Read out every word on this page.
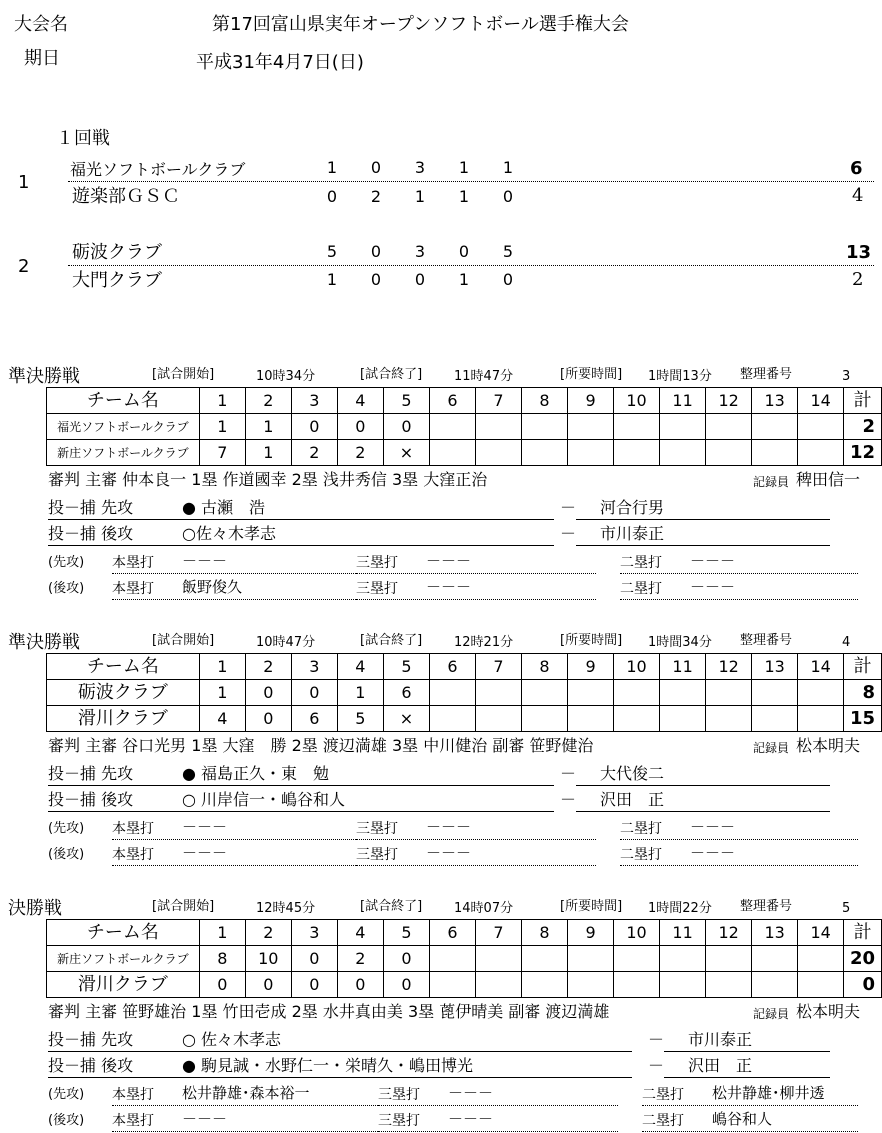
大会名	第17回富山県実年オープンソフトボール選手権大会
期日	平成31年4月7日(日)
１回戦
1
福光ソフトボールクラブ	1 0 3 1 1	6
遊楽部ＧＳＣ	0 2 1 1 0	4
2
砺波クラブ	5 0 3 0 5	13
大門クラブ	1 0 0 1 0	2
準決勝戦	[試合開始]	10時34分	[試合終了] 11時47分	[所要時間] 1時間13分 整理番号	3
チーム名	1	2	3	4	5	6	7	8	9	10	11	12	13	14	計
福光ソフトボールクラブ	1	1	0	0	0										2
新庄ソフトボールクラブ	7	1	2	2	×										12
審判 主審 仲本良一 1塁 作道國幸 2塁 浅井秀信 3塁 大窪正治	記録員 稗田信一
投－捕 先攻	● 古瀬　浩	－ 河合行男
投－捕 後攻	○佐々木孝志	－ 市川泰正
(先攻) 本塁打 －－－	三塁打 －－－	二塁打 －－－
(後攻) 本塁打 飯野俊久	三塁打 －－－	二塁打 －－－
準決勝戦	[試合開始]	10時47分	[試合終了] 12時21分	[所要時間] 1時間34分 整理番号	4
チーム名	1	2	3	4	5	6	7	8	9	10	11	12	13	14	計
砺波クラブ	1	0	0	1	6										8
滑川クラブ	4	0	6	5	×										15
審判 主審 谷口光男 1塁 大窪　勝 2塁 渡辺満雄 3塁 中川健治 副審 笹野健治	記録員 松本明夫
投－捕 先攻	● 福島正久・東　勉	－ 大代俊二
投－捕 後攻	○ 川岸信一・嶋谷和人	－ 沢田　正
(先攻) 本塁打 －－－	三塁打 －－－	二塁打 －－－
(後攻) 本塁打 －－－	三塁打 －－－	二塁打 －－－
決勝戦	[試合開始]	12時45分	[試合終了] 14時07分	[所要時間] 1時間22分 整理番号	5
チーム名	1	2	3	4	5	6	7	8	9	10	11	12	13	14	計
新庄ソフトボールクラブ	8	10	0	2	0										20
滑川クラブ	0	0	0	0	0										0
審判 主審 笹野雄治 1塁 竹田壱成 2塁 水井真由美 3塁 蓖伊晴美 副審 渡辺満雄	記録員 松本明夫
投－捕 先攻	○ 佐々木孝志	－ 市川泰正
投－捕 後攻	● 駒見誠・水野仁一・栄晴久・嶋田博光	－ 沢田　正
(先攻) 本塁打 松井静雄･森本裕一	三塁打 －－－	二塁打 松井静雄･柳井透
(後攻) 本塁打 －－－	三塁打 －－－	二塁打 嶋谷和人
